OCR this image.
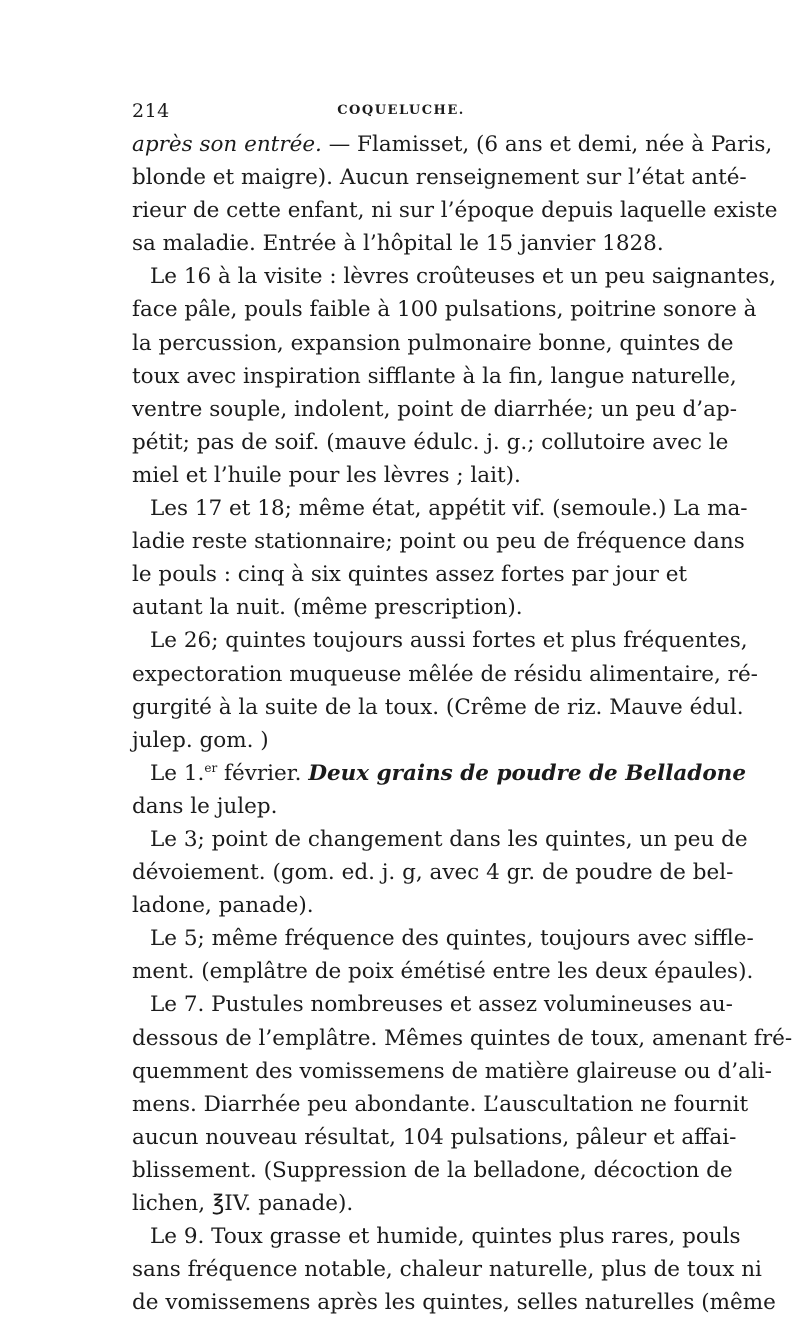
214	COQUELUCHE.
après son entrée. — Flamisset, (6 ans et demi, née à Paris,
blonde et maigre). Aucun renseignement sur l’état anté-
rieur de cette enfant, ni sur l’époque depuis laquelle existe
sa maladie. Entrée à l’hôpital le 15 janvier 1828.
Le 16 à la visite : lèvres croûteuses et un peu saignantes,
face pâle, pouls faible à 100 pulsations, poitrine sonore à
la percussion, expansion pulmonaire bonne, quintes de
toux avec inspiration sifflante à la fin, langue naturelle,
ventre souple, indolent, point de diarrhée; un peu d’ap-
pétit; pas de soif. (mauve édulc. j. g.; collutoire avec le
miel et l’huile pour les lèvres ; lait).
Les 17 et 18; même état, appétit vif. (semoule.) La ma-
ladie reste stationnaire; point ou peu de fréquence dans
le pouls : cinq à six quintes assez fortes par jour et
autant la nuit. (même prescription).
Le 26; quintes toujours aussi fortes et plus fréquentes,
expectoration muqueuse mêlée de résidu alimentaire, ré-
gurgité à la suite de la toux. (Crême de riz. Mauve édul.
julep. gom. )
Le 1.$^{er}$ février. Deux grains de poudre de Belladone
dans le julep.
Le 3; point de changement dans les quintes, un peu de
dévoiement. (gom. ed. j. g, avec 4 gr. de poudre de bel-
ladone, panade).
Le 5; même fréquence des quintes, toujours avec siffle-
ment. (emplâtre de poix émétisé entre les deux épaules).
Le 7. Pustules nombreuses et assez volumineuses au-
dessous de l’emplâtre. Mêmes quintes de toux, amenant fré-
quemment des vomissemens de matière glaireuse ou d’ali-
mens. Diarrhée peu abondante. L’auscultation ne fournit
aucun nouveau résultat, 104 pulsations, pâleur et affai-
blissement. (Suppression de la belladone, décoction de
lichen, ℥IV. panade).
Le 9. Toux grasse et humide, quintes plus rares, pouls
sans fréquence notable, chaleur naturelle, plus de toux ni
de vomissemens après les quintes, selles naturelles (même
